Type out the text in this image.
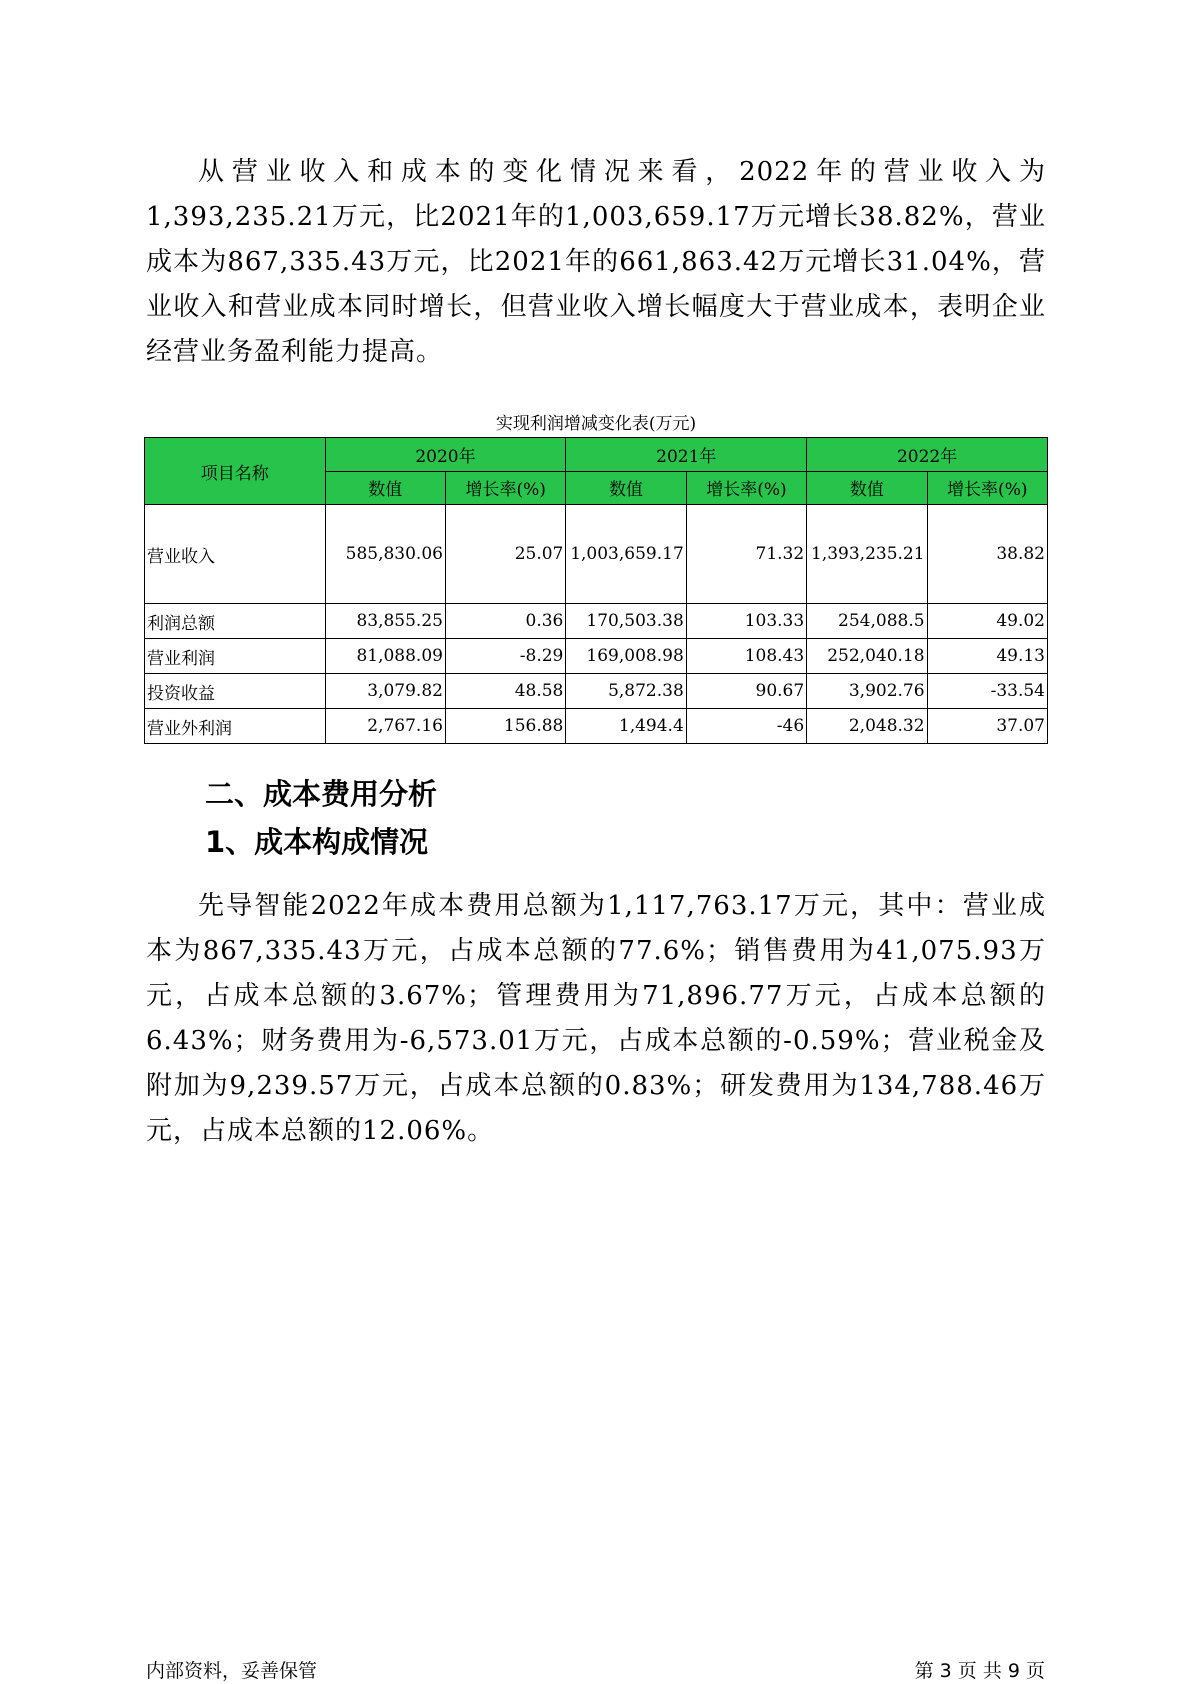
从营业收入和成本的变化情况来看，2022年的营业收入为1,393,235.21万元，比2021年的1,003,659.17万元增长38.82%，营业成本为867,335.43万元，比2021年的661,863.42万元增长31.04%，营业收入和营业成本同时增长，但营业收入增长幅度大于营业成本，表明企业经营业务盈利能力提高。

实现利润增减变化表(万元)
项目名称	2020年		2021年		2022年	
	数值	增长率(%)	数值	增长率(%)	数值	增长率(%)
营业收入	585,830.06	25.07	1,003,659.17	71.32	1,393,235.21	38.82
利润总额	83,855.25	0.36	170,503.38	103.33	254,088.5	49.02
营业利润	81,088.09	-8.29	169,008.98	108.43	252,040.18	49.13
投资收益	3,079.82	48.58	5,872.38	90.67	3,902.76	-33.54
营业外利润	2,767.16	156.88	1,494.4	-46	2,048.32	37.07
二、成本费用分析
1、成本构成情况

先导智能2022年成本费用总额为1,117,763.17万元，其中：营业成本为867,335.43万元，占成本总额的77.6%；销售费用为41,075.93万元，占成本总额的3.67%；管理费用为71,896.77万元，占成本总额的6.43%；财务费用为-6,573.01万元，占成本总额的-0.59%；营业税金及附加为9,239.57万元，占成本总额的0.83%；研发费用为134,788.46万元，占成本总额的12.06%。

内部资料，妥善保管	第 3 页 共 9 页
